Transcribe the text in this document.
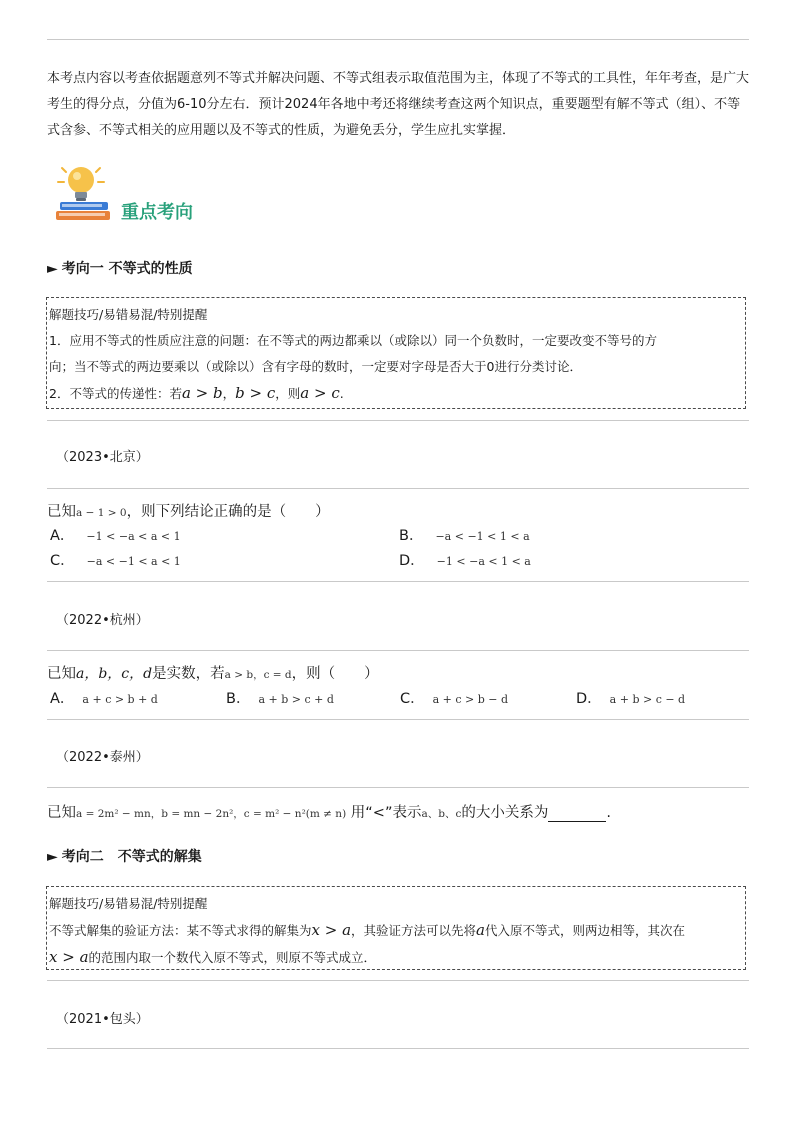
本考点内容以考查依据题意列不等式并解决问题、不等式组表示取值范围为主，体现了不等式的工具性，年年考查，是广大考生的得分点，分值为6-10分左右．预计2024年各地中考还将继续考查这两个知识点，重要题型有解不等式（组）、不等式含参、不等式相关的应用题以及不等式的性质，为避免丢分，学生应扎实掌握．
重点考向
► 考向一 不等式的性质
解题技巧/易错易混/特别提醒
1．应用不等式的性质应注意的问题：在不等式的两边都乘以（或除以）同一个负数时，一定要改变不等号的方
向；当不等式的两边要乘以（或除以）含有字母的数时，一定要对字母是否大于0进行分类讨论．
2．不等式的传递性：若a > b，b > c，则a > c.
（2023•北京）
已知a − 1 > 0，则下列结论正确的是（　　）
A． −1 < −a < a < 1	B． −a < −1 < 1 < a
C． −a < −1 < a < 1	D． −1 < −a < 1 < a
（2022•杭州）
已知a，b，c，d是实数，若a > b，c = d，则（　　）
A． a + c > b + d	B． a + b > c + d	C． a + c > b − d	D． a + b > c − d
（2022•泰州）
已知a = 2m² − mn，b = mn − 2n²，c = m² − n²(m ≠ n) 用“<”表示a、b、c的大小关系为	.
► 考向二　不等式的解集
解题技巧/易错易混/特别提醒
不等式解集的验证方法：某不等式求得的解集为x > a，其验证方法可以先将a代入原不等式，则两边相等，其次在
x > a的范围内取一个数代入原不等式，则原不等式成立．
（2021•包头）
